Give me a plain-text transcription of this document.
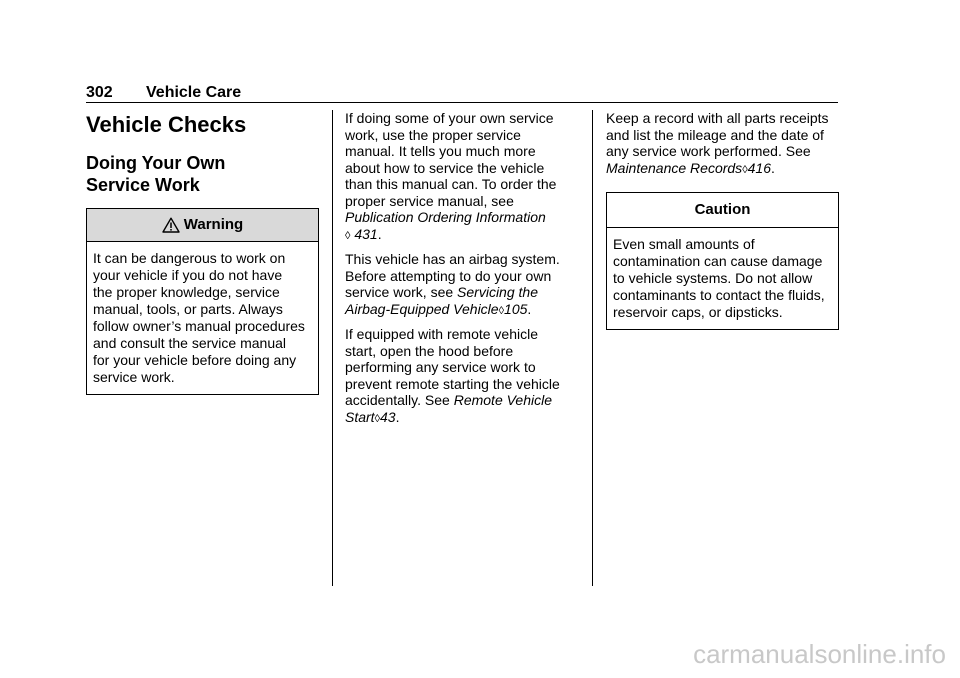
302	Vehicle Care
Vehicle Checks
Doing Your Own
Service Work
Warning
It can be dangerous to work on
your vehicle if you do not have
the proper knowledge, service
manual, tools, or parts. Always
follow owner’s manual procedures
and consult the service manual
for your vehicle before doing any
service work.

If doing some of your own service
work, use the proper service
manual. It tells you much more
about how to service the vehicle
than this manual can. To order the
proper service manual, see
Publication Ordering Information
◊ 431.

This vehicle has an airbag system.
Before attempting to do your own
service work, see Servicing the
Airbag-Equipped Vehicle◊105.

If equipped with remote vehicle
start, open the hood before
performing any service work to
prevent remote starting the vehicle
accidentally. See Remote Vehicle
Start◊43.

Keep a record with all parts receipts
and list the mileage and the date of
any service work performed. See
Maintenance Records◊416.

Caution
Even small amounts of
contamination can cause damage
to vehicle systems. Do not allow
contaminants to contact the fluids,
reservoir caps, or dipsticks.
carmanualsonline.info
